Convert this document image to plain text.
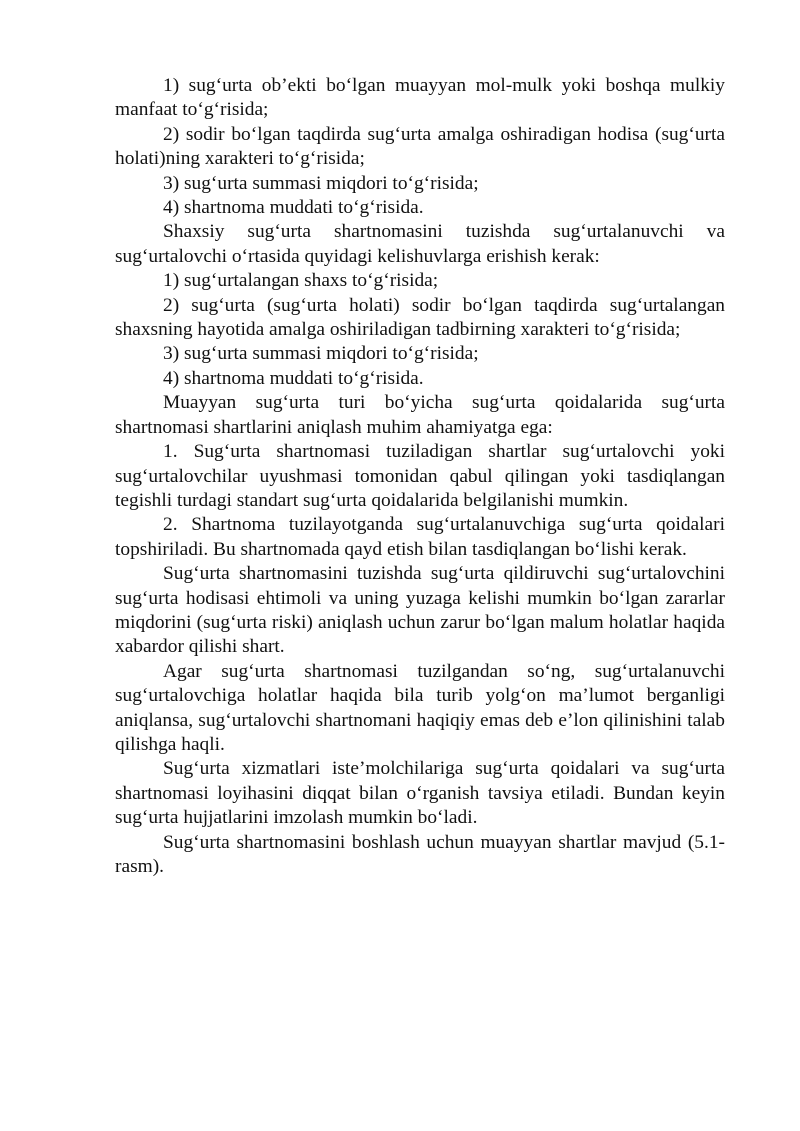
1) sug‘urta ob’ekti bo‘lgan muayyan mol-mulk yoki boshqa mulkiy manfaat to‘g‘risida;

2) sodir bo‘lgan taqdirda sug‘urta amalga oshiradigan hodisa (sug‘urta holati)ning xarakteri to‘g‘risida;

3) sug‘urta summasi miqdori to‘g‘risida;

4) shartnoma muddati to‘g‘risida.

Shaxsiy sug‘urta shartnomasini tuzishda sug‘urtalanuvchi va sug‘urtalovchi o‘rtasida quyidagi kelishuvlarga erishish kerak:

1) sug‘urtalangan shaxs to‘g‘risida;

2) sug‘urta (sug‘urta holati) sodir bo‘lgan taqdirda sug‘urtalangan shaxsning hayotida amalga oshiriladigan tadbirning xarakteri to‘g‘risida;

3) sug‘urta summasi miqdori to‘g‘risida;

4) shartnoma muddati to‘g‘risida.

Muayyan sug‘urta turi bo‘yicha sug‘urta qoidalarida sug‘urta shartnomasi shartlarini aniqlash muhim ahamiyatga ega:

1. Sug‘urta shartnomasi tuziladigan shartlar sug‘urtalovchi yoki sug‘urtalovchilar uyushmasi tomonidan qabul qilingan yoki tasdiqlangan tegishli turdagi standart sug‘urta qoidalarida belgilanishi mumkin.

2. Shartnoma tuzilayotganda sug‘urtalanuvchiga sug‘urta qoidalari topshiriladi. Bu shartnomada qayd etish bilan tasdiqlangan bo‘lishi kerak.

Sug‘urta shartnomasini tuzishda sug‘urta qildiruvchi sug‘urtalovchini sug‘urta hodisasi ehtimoli va uning yuzaga kelishi mumkin bo‘lgan zararlar miqdorini (sug‘urta riski) aniqlash uchun zarur bo‘lgan malum holatlar haqida xabardor qilishi shart.

Agar sug‘urta shartnomasi tuzilgandan so‘ng, sug‘urtalanuvchi sug‘urtalovchiga holatlar haqida bila turib yolg‘on ma’lumot berganligi aniqlansa, sug‘urtalovchi shartnomani haqiqiy emas deb e’lon qilinishini talab qilishga haqli.

Sug‘urta xizmatlari iste’molchilariga sug‘urta qoidalari va sug‘urta shartnomasi loyihasini diqqat bilan o‘rganish tavsiya etiladi. Bundan keyin sug‘urta hujjatlarini imzolash mumkin bo‘ladi.

Sug‘urta shartnomasini boshlash uchun muayyan shartlar mavjud (5.1-rasm).
